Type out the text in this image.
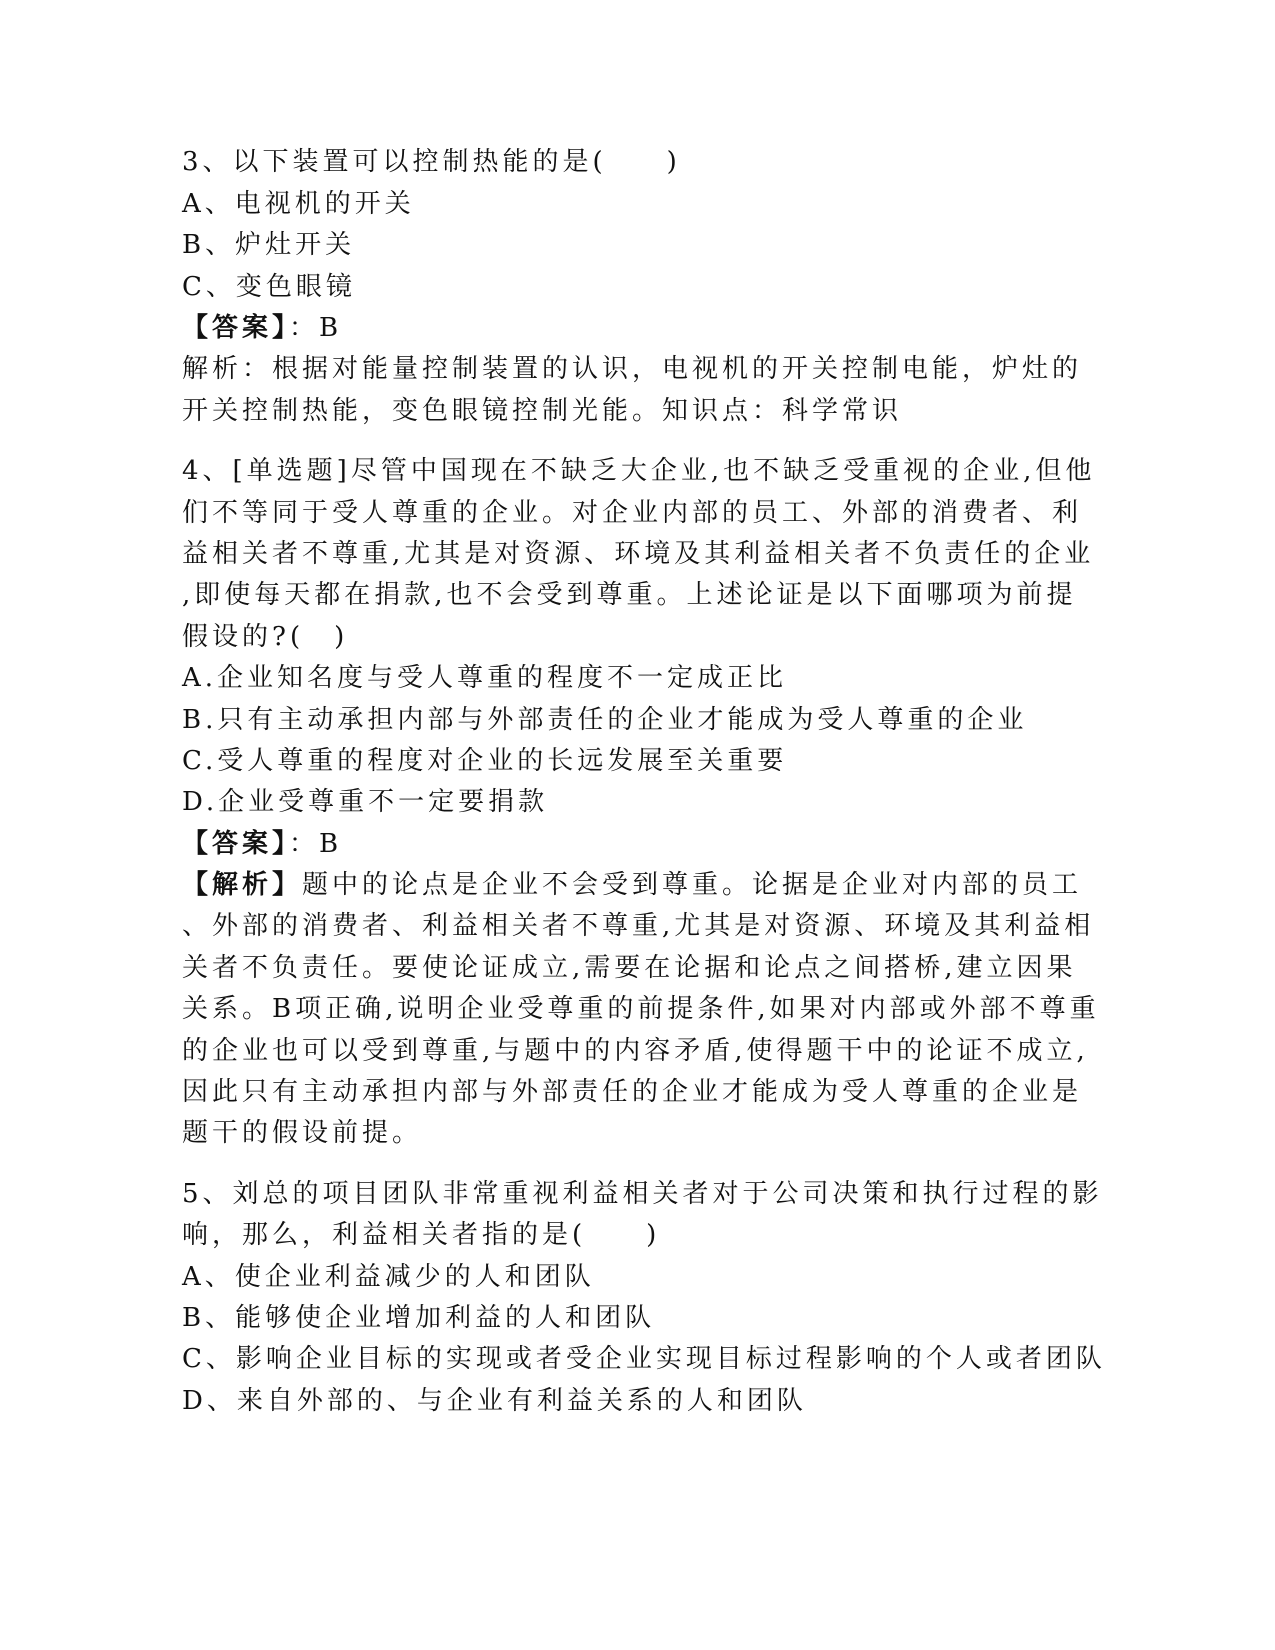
3、以下装置可以控制热能的是(　　)
A、电视机的开关
B、炉灶开关
C、变色眼镜
【答案】：B
解析：根据对能量控制装置的认识，电视机的开关控制电能，炉灶的
开关控制热能，变色眼镜控制光能。知识点：科学常识
4、[单选题]尽管中国现在不缺乏大企业,也不缺乏受重视的企业,但他
们不等同于受人尊重的企业。对企业内部的员工、外部的消费者、利
益相关者不尊重,尤其是对资源、环境及其利益相关者不负责任的企业
,即使每天都在捐款,也不会受到尊重。上述论证是以下面哪项为前提
假设的?(　)
A.企业知名度与受人尊重的程度不一定成正比
B.只有主动承担内部与外部责任的企业才能成为受人尊重的企业
C.受人尊重的程度对企业的长远发展至关重要
D.企业受尊重不一定要捐款
【答案】：B
【解析】题中的论点是企业不会受到尊重。论据是企业对内部的员工
、外部的消费者、利益相关者不尊重,尤其是对资源、环境及其利益相
关者不负责任。要使论证成立,需要在论据和论点之间搭桥,建立因果
关系。B项正确,说明企业受尊重的前提条件,如果对内部或外部不尊重
的企业也可以受到尊重,与题中的内容矛盾,使得题干中的论证不成立,
因此只有主动承担内部与外部责任的企业才能成为受人尊重的企业是
题干的假设前提。
5、刘总的项目团队非常重视利益相关者对于公司决策和执行过程的影
响，那么，利益相关者指的是(　　)
A、使企业利益减少的人和团队
B、能够使企业增加利益的人和团队
C、影响企业目标的实现或者受企业实现目标过程影响的个人或者团队
D、来自外部的、与企业有利益关系的人和团队
